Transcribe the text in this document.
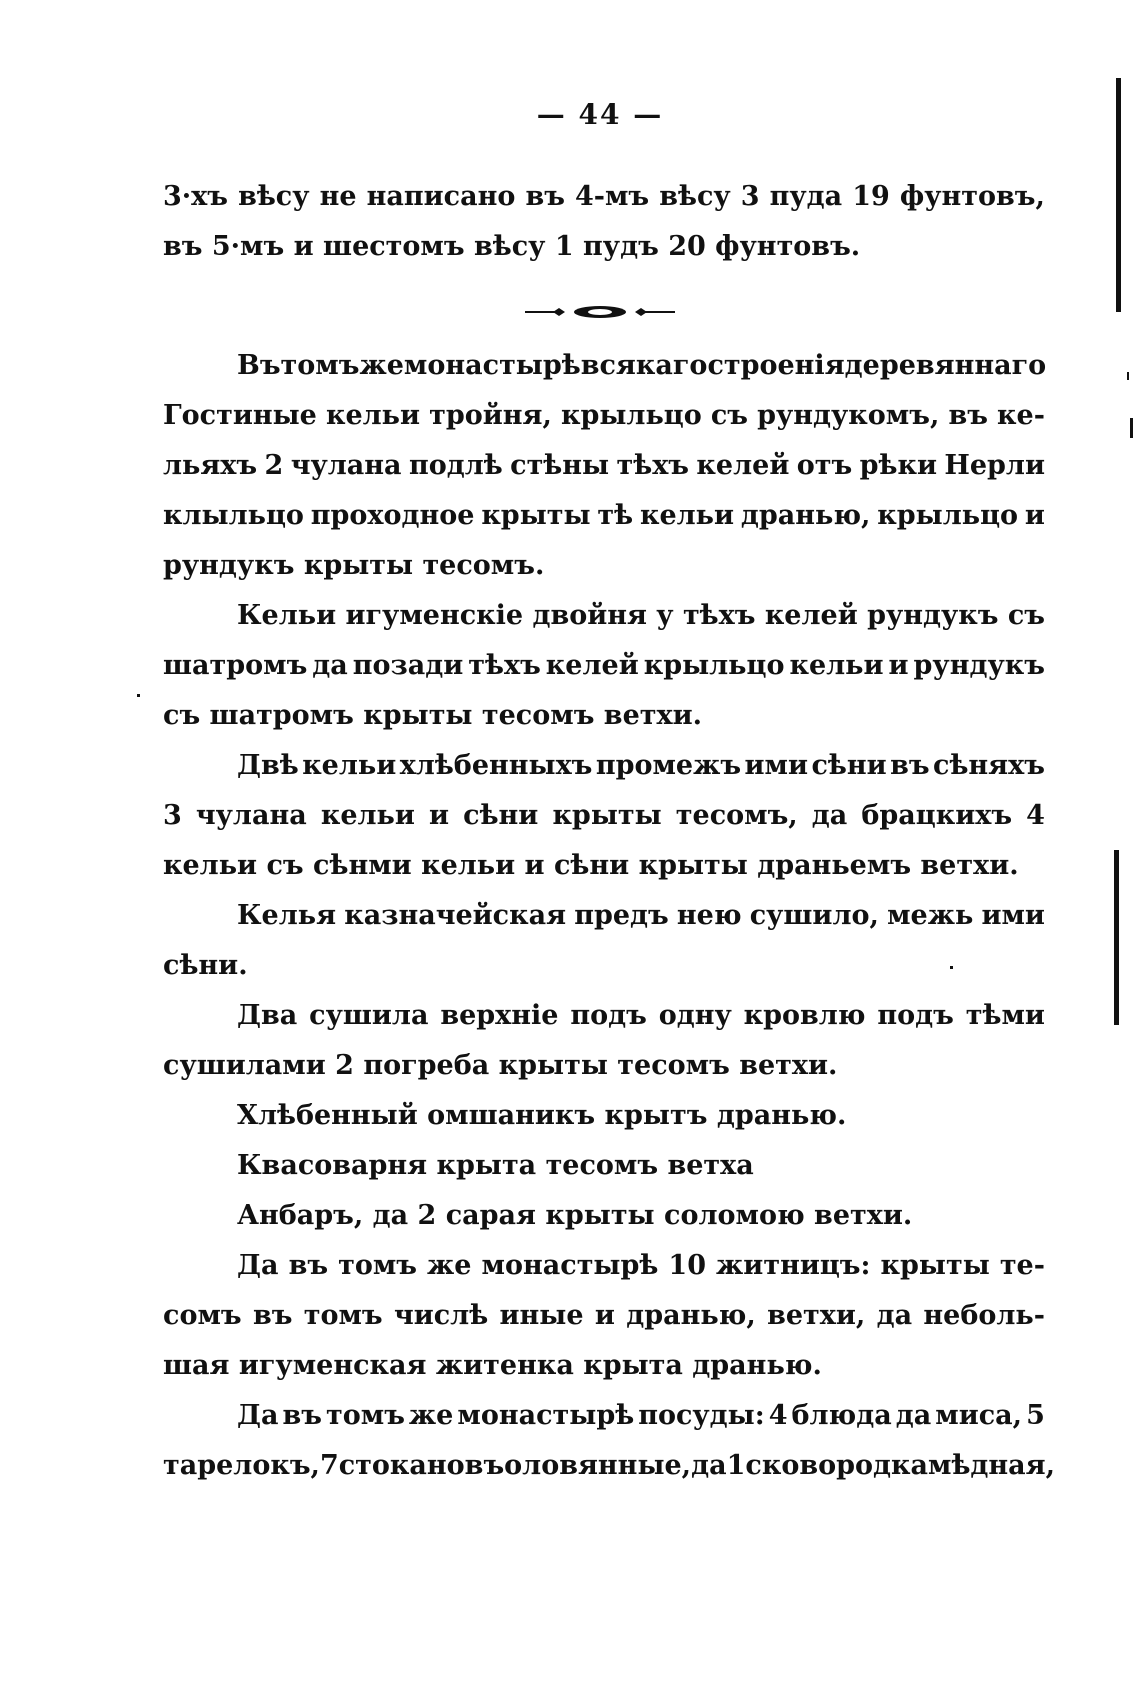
— 44 —
3·хъ вѣсу не написано въ 4-мъ вѣсу 3 пуда 19 фунтовъ,
въ 5·мъ и шестомъ вѣсу 1 пудъ 20 фунтовъ.
Въ томъ же монастырѣ всякаго строенія деревяннаго
Гостиные кельи тройня, крыльцо съ рундукомъ, въ ке-
льяхъ 2 чулана подлѣ стѣны тѣхъ келей отъ рѣки Нерли
клыльцо проходное крыты тѣ кельи дранью, крыльцо и
рундукъ крыты тесомъ.
Кельи игуменскіе двойня у тѣхъ келей рундукъ съ
шатромъ да позади тѣхъ келей крыльцо кельи и рундукъ
съ шатромъ крыты тесомъ ветхи.
Двѣ кельи хлѣбенныхъ промежъ ими сѣни въ сѣняхъ
3 чулана кельи и сѣни крыты тесомъ, да брацкихъ 4
кельи съ сѣнми кельи и сѣни крыты драньемъ ветхи.
Келья казначейская предъ нею сушило, межь ими
сѣни.
Два сушила верхніе подъ одну кровлю подъ тѣми
сушилами 2 погреба крыты тесомъ ветхи.
Хлѣбенный омшаникъ крытъ дранью.
Квасоварня крыта тесомъ ветха
Анбаръ, да 2 сарая крыты соломою ветхи.
Да въ томъ же монастырѣ 10 житницъ: крыты те-
сомъ въ томъ числѣ иные и дранью, ветхи, да неболь-
шая игуменская житенка крыта дранью.
Да въ томъ же монастырѣ посуды: 4 блюда да миса, 5
тарелокъ, 7 стокановъ оловянные, да 1 сковородка мѣдная,
